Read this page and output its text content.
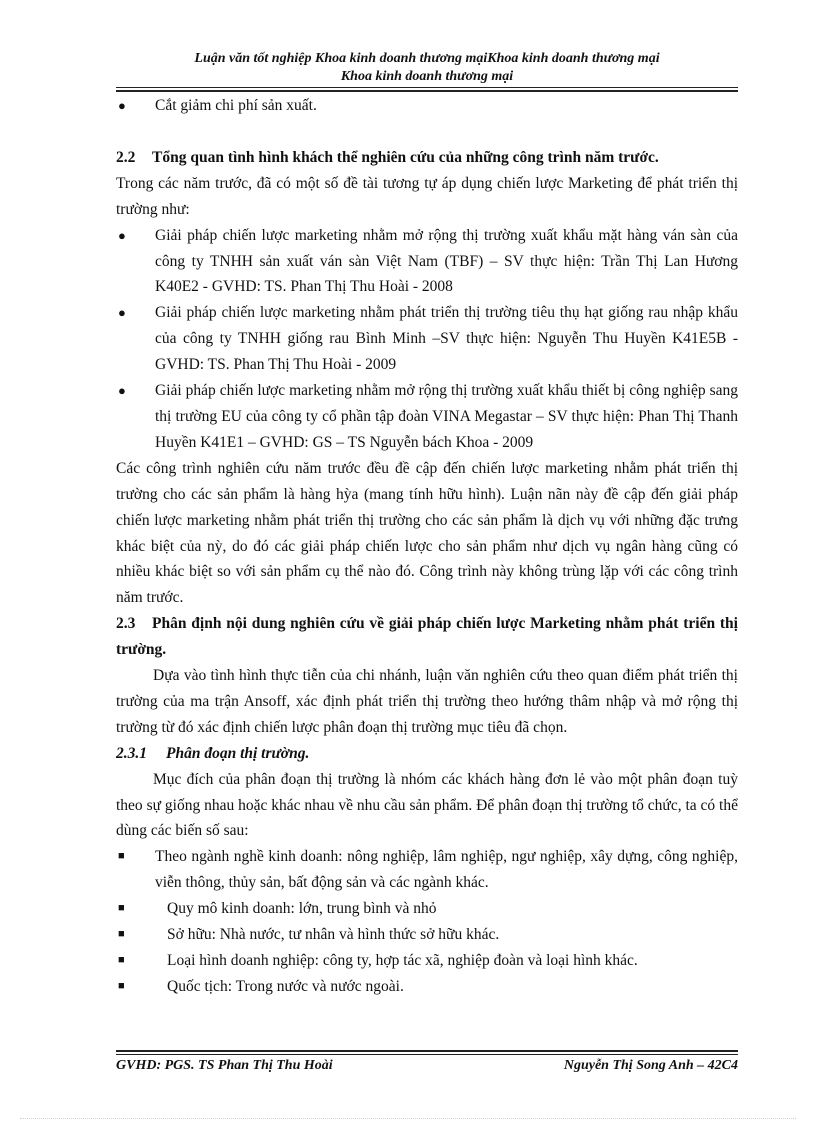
Luận văn tốt nghiệp Khoa kinh doanh thương mạiKhoa kinh doanh thương mại
Khoa kinh doanh thương mại
●	Cắt giảm chi phí sản xuất.

2.2 Tổng quan tình hình khách thể nghiên cứu của những công trình năm trước.

Trong các năm trước, đã có một số đề tài tương tự áp dụng chiến lược Marketing để phát triển thị trường như:

●	Giải pháp chiến lược marketing nhằm mở rộng thị trường xuất khẩu mặt hàng ván sàn của công ty TNHH sản xuất ván sàn Việt Nam (TBF) – SV thực hiện: Trần Thị Lan Hương K40E2 - GVHD: TS. Phan Thị Thu Hoài - 2008
●	Giải pháp chiến lược marketing nhằm phát triển thị trường tiêu thụ hạt giống rau nhập khẩu của công ty TNHH giống rau Bình Minh –SV thực hiện: Nguyễn Thu Huyền K41E5B - GVHD: TS. Phan Thị Thu Hoài - 2009
●	Giải pháp chiến lược marketing nhằm mở rộng thị trường xuất khẩu thiết bị công nghiệp sang thị trường EU của công ty cổ phần tập đoàn VINA Megastar – SV thực hiện: Phan Thị Thanh Huyền K41E1 – GVHD: GS – TS Nguyễn bách Khoa - 2009

Các công trình nghiên cứu năm trước đều đề cập đến chiến lược marketing nhằm phát triển thị trường cho các sản phẩm là hàng hỳa (mang tính hữu hình). Luận nãn này đề cập đến giải pháp chiến lược marketing nhằm phát triển thị trường cho các sản phẩm là dịch vụ với những đặc trưng khác biệt của nỳ, do đó các giải pháp chiến lược cho sản phẩm như dịch vụ ngân hàng cũng có nhiều khác biệt so với sản phẩm cụ thể nào đó. Công trình này không trùng lặp với các công trình năm trước.

2.3 Phân định nội dung nghiên cứu về giải pháp chiến lược Marketing nhằm phát triển thị trường.

Dựa vào tình hình thực tiễn của chi nhánh, luận văn nghiên cứu theo quan điểm phát triển thị trường của ma trận Ansoff, xác định phát triển thị trường theo hướng thâm nhập và mở rộng thị trường từ đó xác định chiến lược phân đoạn thị trường mục tiêu đã chọn.

2.3.1 Phân đoạn thị trường.

Mục đích của phân đoạn thị trường là nhóm các khách hàng đơn lẻ vào một phân đoạn tuỳ theo sự giống nhau hoặc khác nhau về nhu cầu sản phẩm. Để phân đoạn thị trường tổ chức, ta có thể dùng các biến số sau:

■	Theo ngành nghề kinh doanh: nông nghiệp, lâm nghiệp, ngư nghiệp, xây dựng, công nghiệp, viễn thông, thủy sản, bất động sản và các ngành khác.
■	Quy mô kinh doanh: lớn, trung bình và nhỏ
■	Sở hữu: Nhà nước, tư nhân và hình thức sở hữu khác.
■	Loại hình doanh nghiệp: công ty, hợp tác xã, nghiệp đoàn và loại hình khác.
■	Quốc tịch: Trong nước và nước ngoài.
GVHD: PGS. TS Phan Thị Thu Hoài	Nguyễn Thị Song Anh – 42C4
